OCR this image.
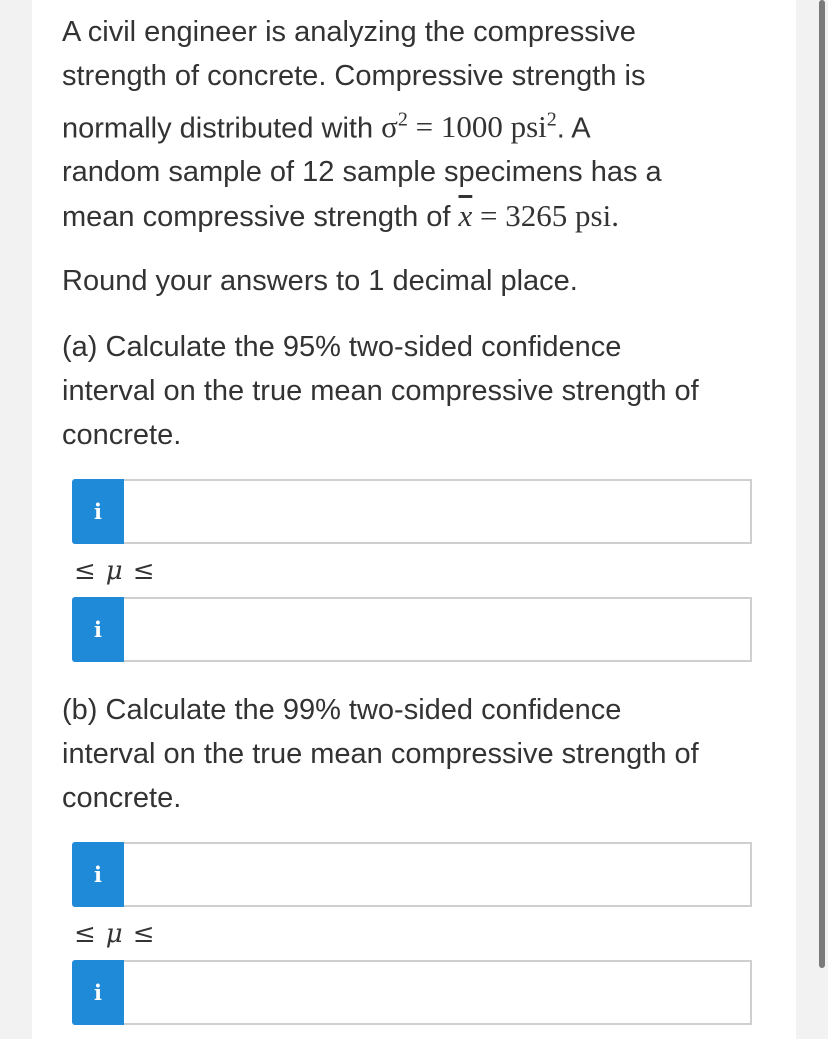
A civil engineer is analyzing the compressive

strength of concrete. Compressive strength is

normally distributed with $\sigma^2 = 1000$ psi$^2$. A

random sample of 12 sample specimens has a

mean compressive strength of $\overline{x} = 3265$ psi.

Round your answers to 1 decimal place.

(a) Calculate the 95% two-sided confidence

interval on the true mean compressive strength of

concrete.

i
≤ μ ≤
i

(b) Calculate the 99% two-sided confidence

interval on the true mean compressive strength of

concrete.

i
≤ μ ≤
i
